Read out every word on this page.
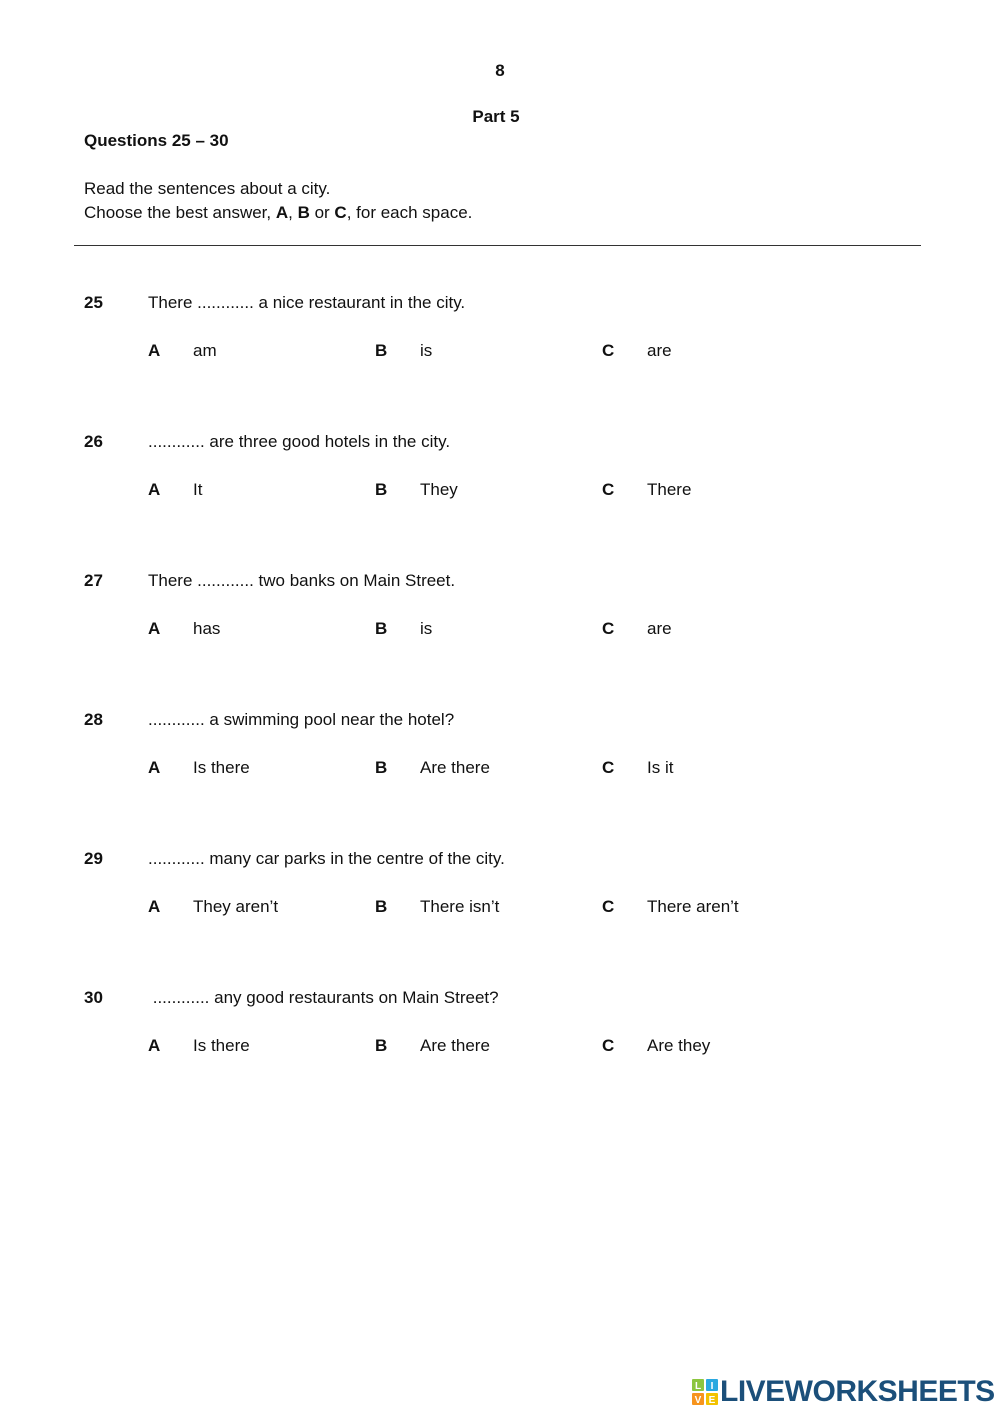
8
Part 5
Questions 25 – 30
Read the sentences about a city.
Choose the best answer, A, B or C, for each space.
25	There ............ a nice restaurant in the city.
A am	B is	C are
26	............ are three good hotels in the city.
A It	B They	C There
27	There ............ two banks on Main Street.
A has	B is	C are
28	............ a swimming pool near the hotel?
A Is there	B Are there	C Is it
29	............ many car parks in the centre of the city.
A They aren’t	B There isn’t	C There aren’t
30	............ any good restaurants on Main Street?
A Is there	B Are there	C Are they
L I
V E LIVEWORKSHEETS
